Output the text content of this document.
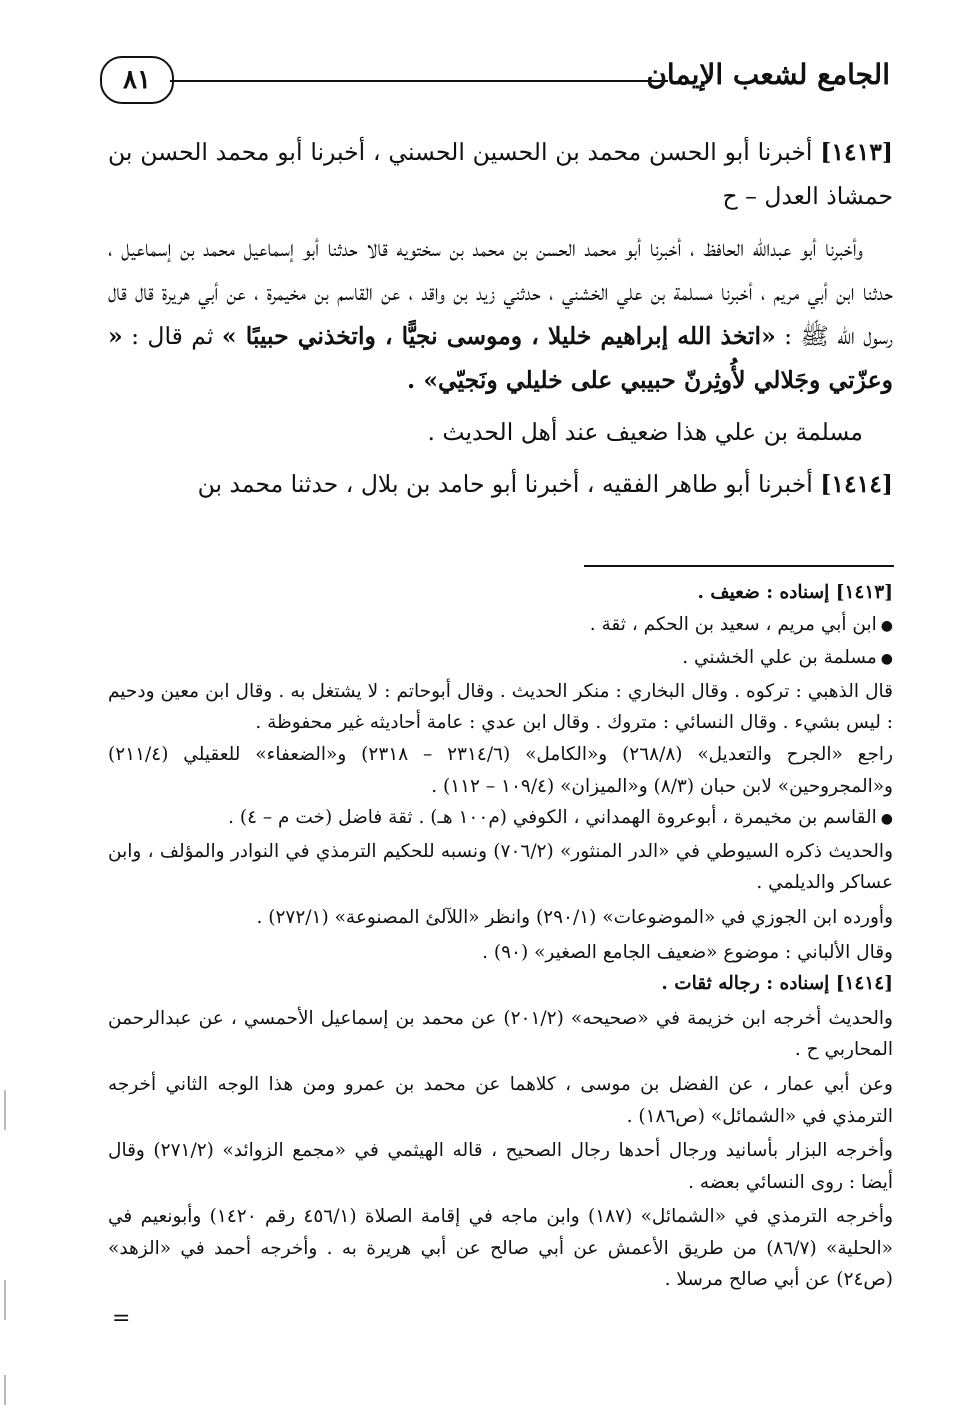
الجامع لشعب الإيمان
٨١

[١٤١٣] أخبرنا أبو الحسن محمد بن الحسين الحسني ، أخبرنا أبو محمد الحسن بن حمشاذ العدل – ح

وأخبرنا أبو عبدالله الحافظ ، أخبرنا أبو محمد الحسن بن محمد بن سختويه قالا حدثنا أبو إسماعيل محمد بن إسماعيل ، حدثنا ابن أبي مريم ، أخبرنا مسلمة بن علي الخشني ، حدثني زيد بن واقد ، عن القاسم بن مخيمرة ، عن أبي هريرة قال قال رسول الله ﷺ : «اتخذ الله إبراهيم خليلا ، وموسى نجيًّا ، واتخذني حبيبًا » ثم قال : « وعزّتي وجَلالي لأُوثِرنّ حبيبي على خليلي ونَجيّي» .

مسلمة بن علي هذا ضعيف عند أهل الحديث .

[١٤١٤] أخبرنا أبو طاهر الفقيه ، أخبرنا أبو حامد بن بلال ، حدثنا محمد بن

[١٤١٣] إسناده : ضعيف .

●ابن أبي مريم ، سعيد بن الحكم ، ثقة .

●مسلمة بن علي الخشني .

قال الذهبي : تركوه . وقال البخاري : منكر الحديث . وقال أبوحاتم : لا يشتغل به . وقال ابن معين ودحيم : ليس بشيء . وقال النسائي : متروك . وقال ابن عدي : عامة أحاديثه غير محفوظة .

راجع «الجرح والتعديل» (٢٦٨/٨) و«الكامل» (٢٣١٤/٦ – ٢٣١٨) و«الضعفاء» للعقيلي (٢١١/٤) و«المجروحين» لابن حبان (٨/٣) و«الميزان» (١٠٩/٤ – ١١٢) .

●القاسم بن مخيمرة ، أبوعروة الهمداني ، الكوفي (م١٠٠ هـ) . ثقة فاضل (خت م – ٤) .

والحديث ذكره السيوطي في «الدر المنثور» (٧٠٦/٢) ونسبه للحكيم الترمذي في النوادر والمؤلف ، وابن عساكر والديلمي .

وأورده ابن الجوزي في «الموضوعات» (٢٩٠/١) وانظر «اللآلئ المصنوعة» (٢٧٢/١) .

وقال الألباني : موضوع «ضعيف الجامع الصغير» (٩٠) .

[١٤١٤] إسناده : رجاله ثقات .

والحديث أخرجه ابن خزيمة في «صحيحه» (٢٠١/٢) عن محمد بن إسماعيل الأحمسي ، عن عبدالرحمن المحاربي ح .

وعن أبي عمار ، عن الفضل بن موسى ، كلاهما عن محمد بن عمرو ومن هذا الوجه الثاني أخرجه الترمذي في «الشمائل» (ص١٨٦) .

وأخرجه البزار بأسانيد ورجال أحدها رجال الصحيح ، قاله الهيثمي في «مجمع الزوائد» (٢٧١/٢) وقال أيضا : روى النسائي بعضه .

وأخرجه الترمذي في «الشمائل» (١٨٧) وابن ماجه في إقامة الصلاة (٤٥٦/١ رقم ١٤٢٠) وأبونعيم في «الحلية» (٨٦/٧) من طريق الأعمش عن أبي صالح عن أبي هريرة به . وأخرجه أحمد في «الزهد» (ص٢٤) عن أبي صالح مرسلا .

=
